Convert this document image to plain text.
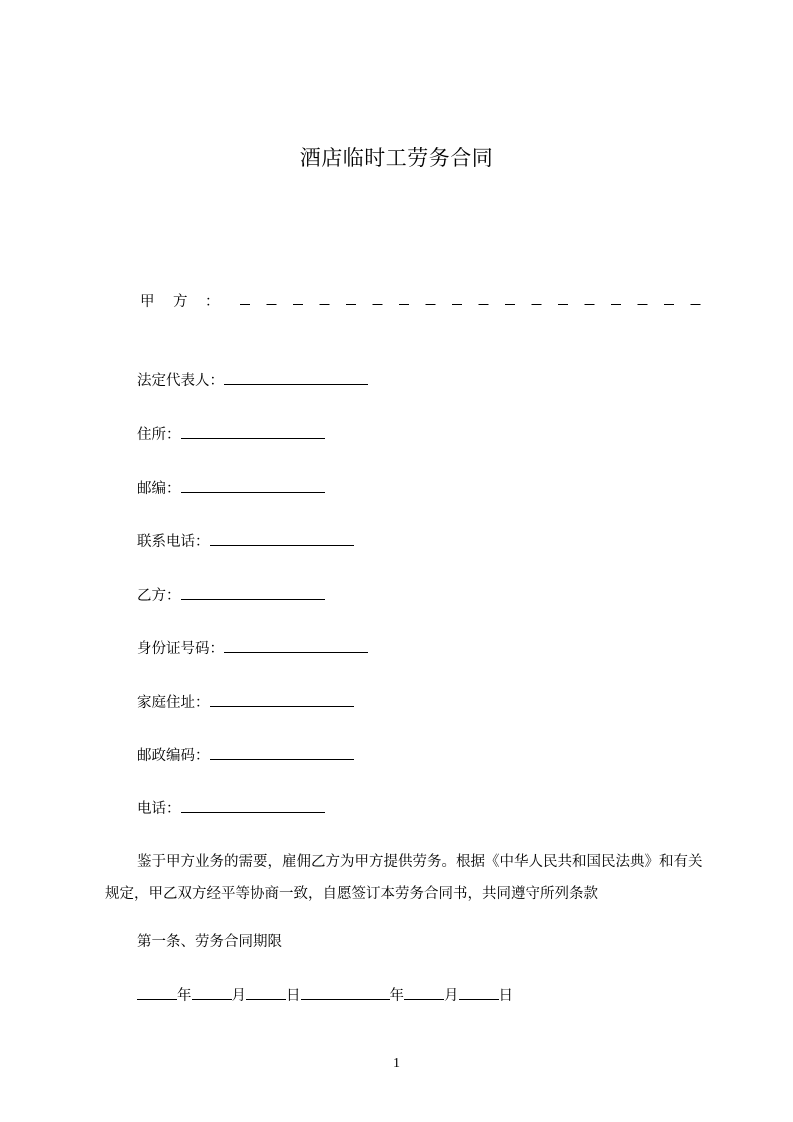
酒店临时工劳务合同
甲 方 ：
法定代表人：
住所：
邮编：
联系电话：
乙方：
身份证号码：
家庭住址：
邮政编码：
电话：
鉴于甲方业务的需要，雇佣乙方为甲方提供劳务。根据《中华人民共和国民法典》和有关规定，甲乙双方经平等协商一致，自愿签订本劳务合同书，共同遵守所列条款
第一条、劳务合同期限
年	月	日	年	月	日
1
